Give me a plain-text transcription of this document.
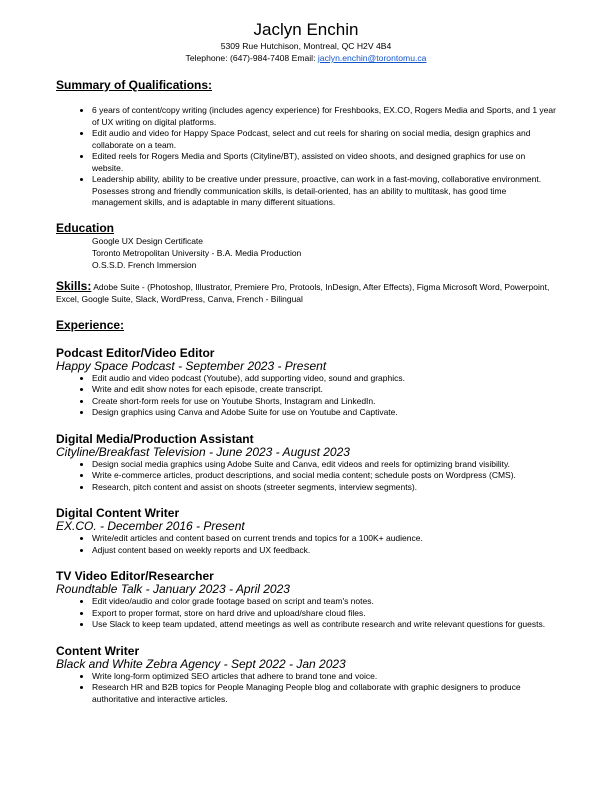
Jaclyn Enchin
5309 Rue Hutchison, Montreal, QC H2V 4B4
Telephone: (647)-984-7408 Email: jaclyn.enchin@torontomu.ca
Summary of Qualifications:
• 6 years of content/copy writing (includes agency experience) for Freshbooks, EX.CO, Rogers Media and Sports, and 1 year of UX writing on digital platforms.
• Edit audio and video for Happy Space Podcast, select and cut reels for sharing on social media, design graphics and collaborate on a team.
• Edited reels for Rogers Media and Sports (Cityline/BT), assisted on video shoots, and designed graphics for use on website.
• Leadership ability, ability to be creative under pressure, proactive, can work in a fast-moving, collaborative environment. Posesses strong and friendly communication skills, is detail-oriented, has an ability to multitask, has good time management skills, and is adaptable in many different situations.
Education
Google UX Design Certificate
Toronto Metropolitan University - B.A. Media Production
O.S.S.D. French Immersion
Skills: Adobe Suite - (Photoshop, Illustrator, Premiere Pro, Protools, InDesign, After Effects), Figma Microsoft Word, Powerpoint, Excel, Google Suite, Slack, WordPress, Canva, French - Bilingual
Experience:
Podcast Editor/Video Editor
Happy Space Podcast - September 2023 - Present
• Edit audio and video podcast (Youtube), add supporting video, sound and graphics.
• Write and edit show notes for each episode, create transcript.
• Create short-form reels for use on Youtube Shorts, Instagram and LinkedIn.
• Design graphics using Canva and Adobe Suite for use on Youtube and Captivate.
Digital Media/Production Assistant
Cityline/Breakfast Television - June 2023 - August 2023
• Design social media graphics using Adobe Suite and Canva, edit videos and reels for optimizing brand visibility.
• Write e-commerce articles, product descriptions, and social media content; schedule posts on Wordpress (CMS).
• Research, pitch content and assist on shoots (streeter segments, interview segments).
Digital Content Writer
EX.CO. - December 2016 - Present
• Write/edit articles and content based on current trends and topics for a 100K+ audience.
• Adjust content based on weekly reports and UX feedback.
TV Video Editor/Researcher
Roundtable Talk - January 2023 - April 2023
• Edit video/audio and color grade footage based on script and team's notes.
• Export to proper format, store on hard drive and upload/share cloud files.
• Use Slack to keep team updated, attend meetings as well as contribute research and write relevant questions for guests.
Content Writer
Black and White Zebra Agency - Sept 2022 - Jan 2023
• Write long-form optimized SEO articles that adhere to brand tone and voice.
• Research HR and B2B topics for People Managing People blog and collaborate with graphic designers to produce authoritative and interactive articles.
